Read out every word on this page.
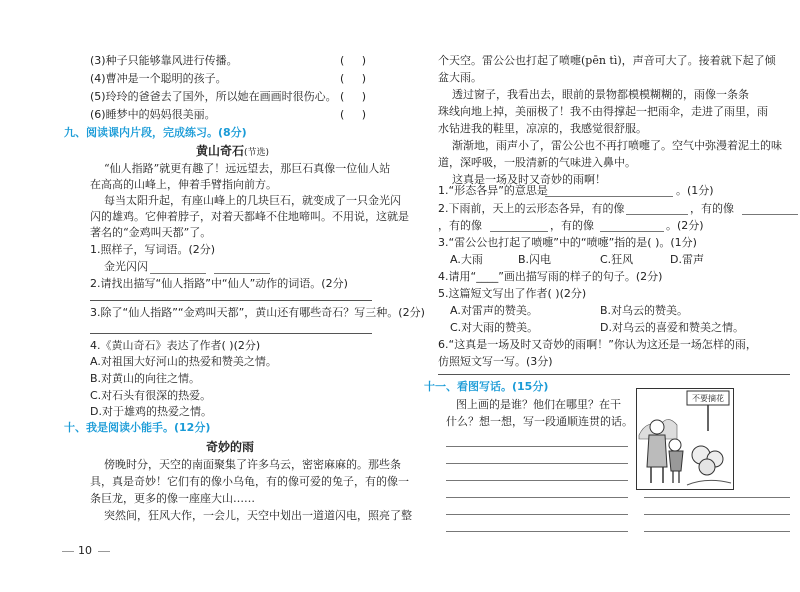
(3)种子只能够靠风进行传播。	(     )
(4)曹冲是一个聪明的孩子。	(     )
(5)玲玲的爸爸去了国外，所以她在画画时很伤心。 (     )
(6)睡梦中的妈妈很美丽。	(     )
九、阅读课内片段，完成练习。(8分)
黄山奇石(节选)
“仙人指路”就更有趣了！远远望去，那巨石真像一位仙人站
在高高的山峰上，伸着手臂指向前方。
每当太阳升起，有座山峰上的几块巨石，就变成了一只金光闪
闪的雄鸡。它伸着脖子，对着天都峰不住地啼叫。不用说，这就是
著名的“金鸡叫天都”了。
1.照样子，写词语。(2分)
金光闪闪
2.请找出描写“仙人指路”中“仙人”动作的词语。(2分)
3.除了“仙人指路”“金鸡叫天都”，黄山还有哪些奇石？写三种。(2分)
4.《黄山奇石》表达了作者( )(2分)
A.对祖国大好河山的热爱和赞美之情。
B.对黄山的向往之情。
C.对石头有很深的热爱。
D.对于雄鸡的热爱之情。
十、我是阅读小能手。(12分)
奇妙的雨
傍晚时分，天空的南面聚集了许多乌云，密密麻麻的。那些条
具，真是奇妙！它们有的像小乌龟，有的像可爱的兔子，有的像一
条巨龙，更多的像一座座大山……
突然间，狂风大作，一会儿，天空中划出一道道闪电，照亮了整
10
个天空。雷公公也打起了喷嚏(pēn tì)，声音可大了。接着就下起了倾
盆大雨。
透过窗子，我看出去，眼前的景物都模模糊糊的，雨像一条条
珠线向地上掉，美丽极了！我不由得撑起一把雨伞，走进了雨里，雨
水钻进我的鞋里，凉凉的，我感觉很舒服。
渐渐地，雨声小了，雷公公也不再打喷嚏了。空气中弥漫着泥土的味
道，深呼吸，一股清新的气味进入鼻中。
这真是一场及时又奇妙的雨啊！
1.“形态各异”的意思是	。(1分)
2.下雨前，天上的云形态各异，有的像	，有的像
，有的像	，有的像	。(2分)
3.“雷公公也打起了喷嚏”中的“喷嚏”指的是( )。(1分)
A.大雨	B.闪电	C.狂风	D.雷声
4.请用“____”画出描写雨的样子的句子。(2分)
5.这篇短文写出了作者( )(2分)
A.对雷声的赞美。	B.对乌云的赞美。
C.对大雨的赞美。	D.对乌云的喜爱和赞美之情。
6.“这真是一场及时又奇妙的雨啊！”你认为这还是一场怎样的雨，
仿照短文写一写。(3分)
十一、看图写话。(15分)
图上画的是谁？他们在哪里？在干
什么？想一想，写一段通顺连贯的话。
不要摘花
